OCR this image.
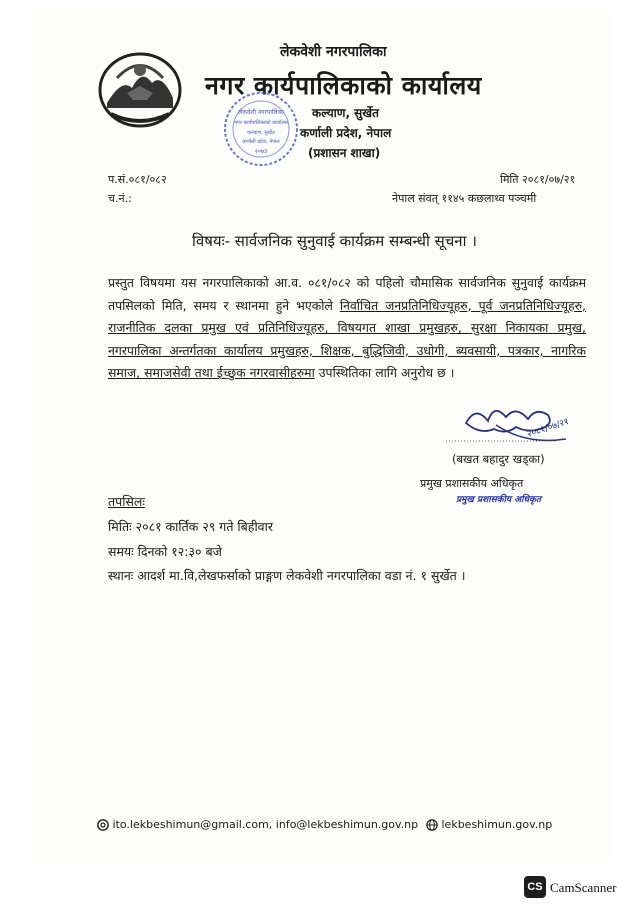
लेकवेशी नगरपालिका
नगर कार्यपालिकाको कार्यालय
कल्याण, सुर्खेत
कर्णाली प्रदेश, नेपाल
(प्रशासन शाखा)
लेकवेशी नगरपालिका
नगर कार्यपालिकाको कार्यालय
कल्याण, सुर्खेत
कर्णाली प्रदेश, नेपाल
२०७३
प.सं.०८१/०८२
च.नं.:
मिति २०८१/०७/२१
नेपाल संवत् ११४५ कछलाथ्व पञ्चमी
विषयः- सार्वजनिक सुनुवाई कार्यक्रम सम्बन्धी सूचना ।
प्रस्तुत विषयमा यस नगरपालिकाको आ.व. ०८१/०८२ को पहिलो चौमासिक सार्वजनिक सुनुवाई कार्यक्रम तपसिलको मिति, समय र स्थानमा हुने भएकोले निर्वाचित जनप्रतिनिधिज्यूहरु, पूर्व जनप्रतिनिधिज्यूहरु, राजनीतिक दलका प्रमुख एवं प्रतिनिधिज्यूहरु, विषयगत शाखा प्रमुखहरु, सुरक्षा निकायका प्रमुख, नगरपालिका अन्तर्गतका कार्यालय प्रमुखहरु, शिक्षक, बुद्धिजिवी, उधोगी, ब्यवसायी, पत्रकार, नागरिक समाज, समाजसेवी तथा ईच्छुक नगरवासीहरुमा उपस्थितिका लागि अनुरोध छ ।
२०८१/०७/२१
(बखत बहादुर खड्का)
प्रमुख प्रशासकीय अधिकृत
प्रमुख प्रशासकीय अधिकृत
तपसिलः
मितिः २०८१ कार्तिक २९ गते बिहीवार
समयः दिनको १२:३० बजे
स्थानः आदर्श मा.वि,लेखफर्साको प्राङ्गण लेकवेशी नगरपालिका वडा नं. १ सुर्खेत ।
ito.lekbeshimun@gmail.com, info@lekbeshimun.gov.np	lekbeshimun.gov.np
CS CamScanner
